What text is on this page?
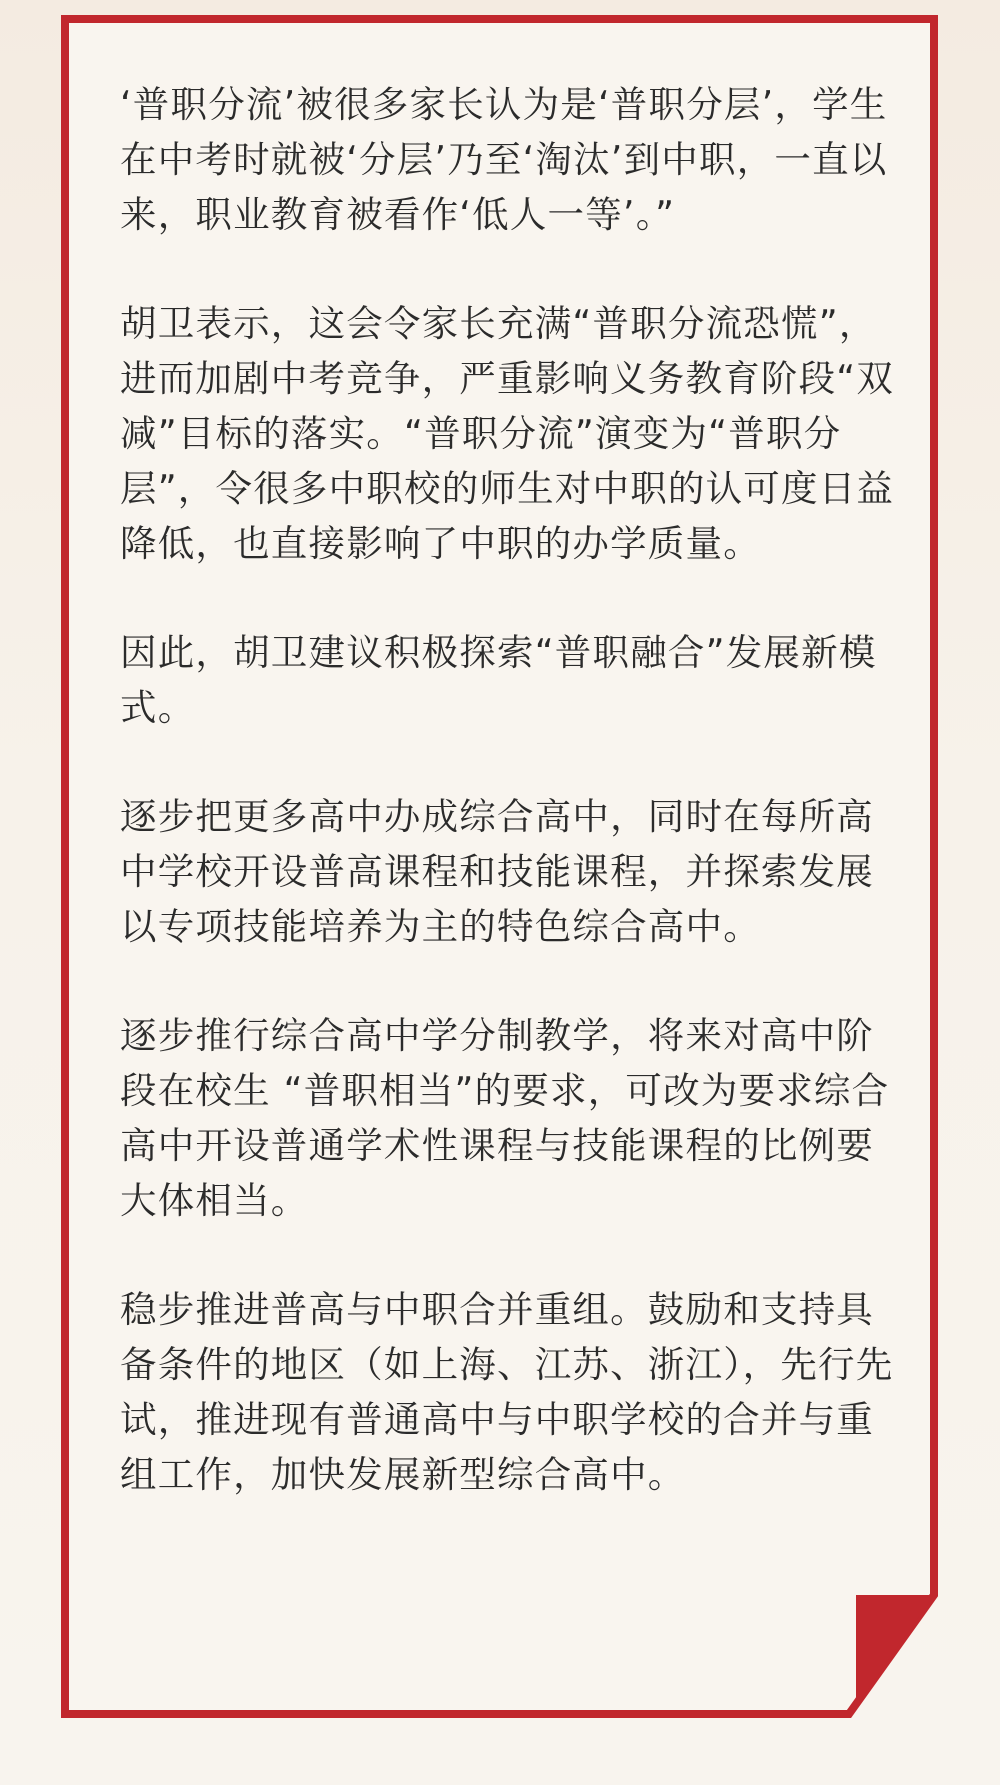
‘普职分流’被很多家长认为是‘普职分层’，学生在中考时就被‘分层’乃至‘淘汰’到中职，一直以来，职业教育被看作‘低人一等’。”

胡卫表示，这会令家长充满“普职分流恐慌”，进而加剧中考竞争，严重影响义务教育阶段“双减”目标的落实。“普职分流”演变为“普职分层”，令很多中职校的师生对中职的认可度日益降低，也直接影响了中职的办学质量。

因此，胡卫建议积极探索“普职融合”发展新模式。

逐步把更多高中办成综合高中，同时在每所高中学校开设普高课程和技能课程，并探索发展以专项技能培养为主的特色综合高中。

逐步推行综合高中学分制教学，将来对高中阶段在校生 “普职相当”的要求，可改为要求综合高中开设普通学术性课程与技能课程的比例要大体相当。

稳步推进普高与中职合并重组。鼓励和支持具备条件的地区（如上海、江苏、浙江），先行先试，推进现有普通高中与中职学校的合并与重组工作，加快发展新型综合高中。
